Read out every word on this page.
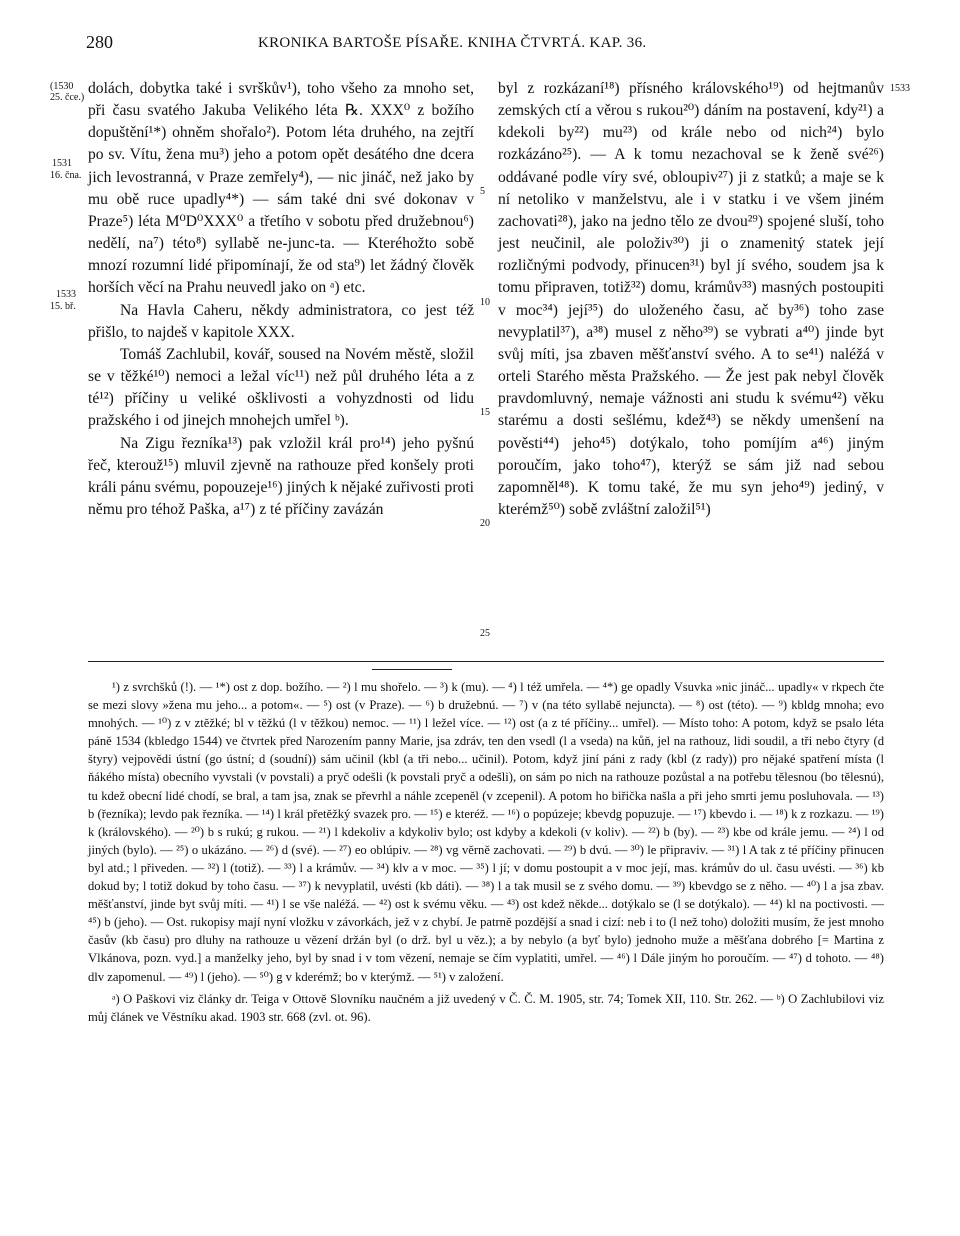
280	KRONIKA BARTOŠE PÍSAŘE. KNIHA ČTVRTÁ. KAP. 36.
(1530
25. čce.)
1531
16. čna.
1533
15. bř.
1533
5
10
15
20
25

dolách, dobytka také i svrškův¹), toho všeho za mnoho set, při času svatého Jakuba Velikého léta ℞. XXX⁰ z božího dopuštění¹*) ohněm shořalo²). Potom léta druhého, na zejtří po sv. Vítu, žena mu³) jeho a potom opět desátého dne dcera jich levostranná, v Praze zemřely⁴), — nic jináč, než jako by mu obě ruce upadly⁴*) — sám také dni své dokonav v Praze⁵) léta M⁰D⁰XXX⁰ a třetího v sobotu před družebnou⁶) nedělí, na⁷) této⁸) syllabě ne-junc-ta. — Kteréhožto sobě mnozí rozumní lidé připomínají, že od sta⁹) let žádný člověk horších věcí na Prahu neuvedl jako on ᵃ) etc.

Na Havla Caheru, někdy administratora, co jest též přišlo, to najdeš v kapitole XXX.

Tomáš Zachlubil, kovář, soused na Novém městě, složil se v těžké¹⁰) nemoci a ležal víc¹¹) než půl druhého léta a z té¹²) příčiny u veliké ošklivosti a vohyzdnosti od lidu pražského i od jinejch mnohejch umřel ᵇ).

Na Zigu řezníka¹³) pak vzložil král pro¹⁴) jeho pyšnú řeč, kterouž¹⁵) mluvil zjevně na rathouze před konšely proti králi pánu svému, popouzeje¹⁶) jiných k nějaké zuřivosti proti němu pro téhož Paška, a¹⁷) z té příčiny zavázán

byl z rozkázaní¹⁸) přísného královského¹⁹) od hejtmanův zemských ctí a věrou s rukou²⁰) dáním na postavení, kdy²¹) a kdekoli by²²) mu²³) od krále nebo od nich²⁴) bylo rozkázáno²⁵). — A k tomu nezachoval se k ženě své²⁶) oddávané podle víry své, obloupiv²⁷) ji z statků; a maje se k ní netoliko v manželstvu, ale i v statku i ve všem jiném zachovati²⁸), jako na jedno tělo ze dvou²⁹) spojené sluší, toho jest neučinil, ale položiv³⁰) ji o znamenitý statek její rozličnými podvody, přinucen³¹) byl jí svého, soudem jsa k tomu připraven, totiž³²) domu, krámův³³) masných postoupiti v moc³⁴) její³⁵) do uloženého času, ač by³⁶) toho zase nevyplatil³⁷), a³⁸) musel z něho³⁹) se vybrati a⁴⁰) jinde byt svůj míti, jsa zbaven měšťanství svého. A to se⁴¹) naléžá v orteli Starého města Pražského. — Že jest pak nebyl člověk pravdomluvný, nemaje vážnosti ani studu k svému⁴²) věku starému a dosti sešlému, kdež⁴³) se někdy umenšení na pověsti⁴⁴) jeho⁴⁵) dotýkalo, toho pomíjím a⁴⁶) jiným poroučím, jako toho⁴⁷), kterýž se sám již nad sebou zapomněl⁴⁸). K tomu také, že mu syn jeho⁴⁹) jediný, v kterémž⁵⁰) sobě zvláštní založil⁵¹)

¹) z svrchšků (!). — ¹*) ost z dop. božího. — ²) l mu shořelo. — ³) k (mu). — ⁴) l též umřela. — ⁴*) ge opadly Vsuvka »nic jináč... upadly« v rkpech čte se mezi slovy »žena mu jeho... a potom«. — ⁵) ost (v Praze). — ⁶) b družebnú. — ⁷) v (na této syllabě nejuncta). — ⁸) ost (této). — ⁹) kbldg mnoha; evo mnohých. — ¹⁰) z v ztěžké; bl v těžkú (l v těžkou) nemoc. — ¹¹) l ležel více. — ¹²) ost (a z té příčiny... umřel). — Místo toho: A potom, když se psalo léta páně 1534 (kbledgo 1544) ve čtvrtek před Narozením panny Marie, jsa zdráv, ten den vsedl (l a vseda) na kůň, jel na rathouz, lidi soudil, a tři nebo čtyry (d štyry) vejpovědi ústní (go ústní; d (soudní)) sám učinil (kbl (a tři nebo... učinil). Potom, když jiní páni z rady (kbl (z rady)) pro nějaké spatření místa (l ňákého místa) obecního vyvstali (v povstali) a pryč odešli (k povstali pryč a odešli), on sám po nich na rathouze pozůstal a na potřebu tělesnou (bo tělesnú), tu kdež obecní lidé chodí, se bral, a tam jsa, znak se převrhl a náhle zcepeněl (v zcepenil). A potom ho biřička našla a při jeho smrti jemu posluhovala. — ¹³) b (řezníka); levdo pak řezníka. — ¹⁴) l král přetěžký svazek pro. — ¹⁵) e kteréž. — ¹⁶) o popúzeje; kbevdg popuzuje. — ¹⁷) kbevdo i. — ¹⁸) k z rozkazu. — ¹⁹) k (královského). — ²⁰) b s rukú; g rukou. — ²¹) l kdekoliv a kdykoliv bylo; ost kdyby a kdekoli (v koliv). — ²²) b (by). — ²³) kbe od krále jemu. — ²⁴) l od jiných (bylo). — ²⁵) o ukázáno. — ²⁶) d (své). — ²⁷) eo oblúpiv. — ²⁸) vg věrně zachovati. — ²⁹) b dvú. — ³⁰) le připraviv. — ³¹) l A tak z té příčiny přinucen byl atd.; l přiveden. — ³²) l (totiž). — ³³) l a krámův. — ³⁴) klv a v moc. — ³⁵) l jí; v domu postoupit a v moc její, mas. krámův do ul. času uvésti. — ³⁶) kb dokud by; l totiž dokud by toho času. — ³⁷) k nevyplatil, uvésti (kb dáti). — ³⁸) l a tak musil se z svého domu. — ³⁹) kbevdgo se z něho. — ⁴⁰) l a jsa zbav. měšťanství, jinde byt svůj míti. — ⁴¹) l se vše naléžá. — ⁴²) ost k svému věku. — ⁴³) ost kdež někde... dotýkalo se (l se dotýkalo). — ⁴⁴) kl na poctivosti. — ⁴⁵) b (jeho). — Ost. rukopisy mají nyní vložku v závorkách, jež v z chybí. Je patrně pozdější a snad i cizí: neb i to (l než toho) doložiti musím, že jest mnoho časův (kb času) pro dluhy na rathouze u vězení držán byl (o drž. byl u věz.); a by nebylo (a byť bylo) jednoho muže a měšťana dobrého [= Martina z Vlkánova, pozn. vyd.] a manželky jeho, byl by snad i v tom vězení, nemaje se čím vyplatiti, umřel. — ⁴⁶) l Dále jiným ho poroučím. — ⁴⁷) d tohoto. — ⁴⁸) dlv zapomenul. — ⁴⁹) l (jeho). — ⁵⁰) g v kderémž; bo v kterýmž. — ⁵¹) v založení.

ᵃ) O Paškovi viz články dr. Teiga v Ottově Slovníku naučném a již uvedený v Č. Č. M. 1905, str. 74; Tomek XII, 110. Str. 262. — ᵇ) O Zachlubilovi viz můj článek ve Věstníku akad. 1903 str. 668 (zvl. ot. 96).
